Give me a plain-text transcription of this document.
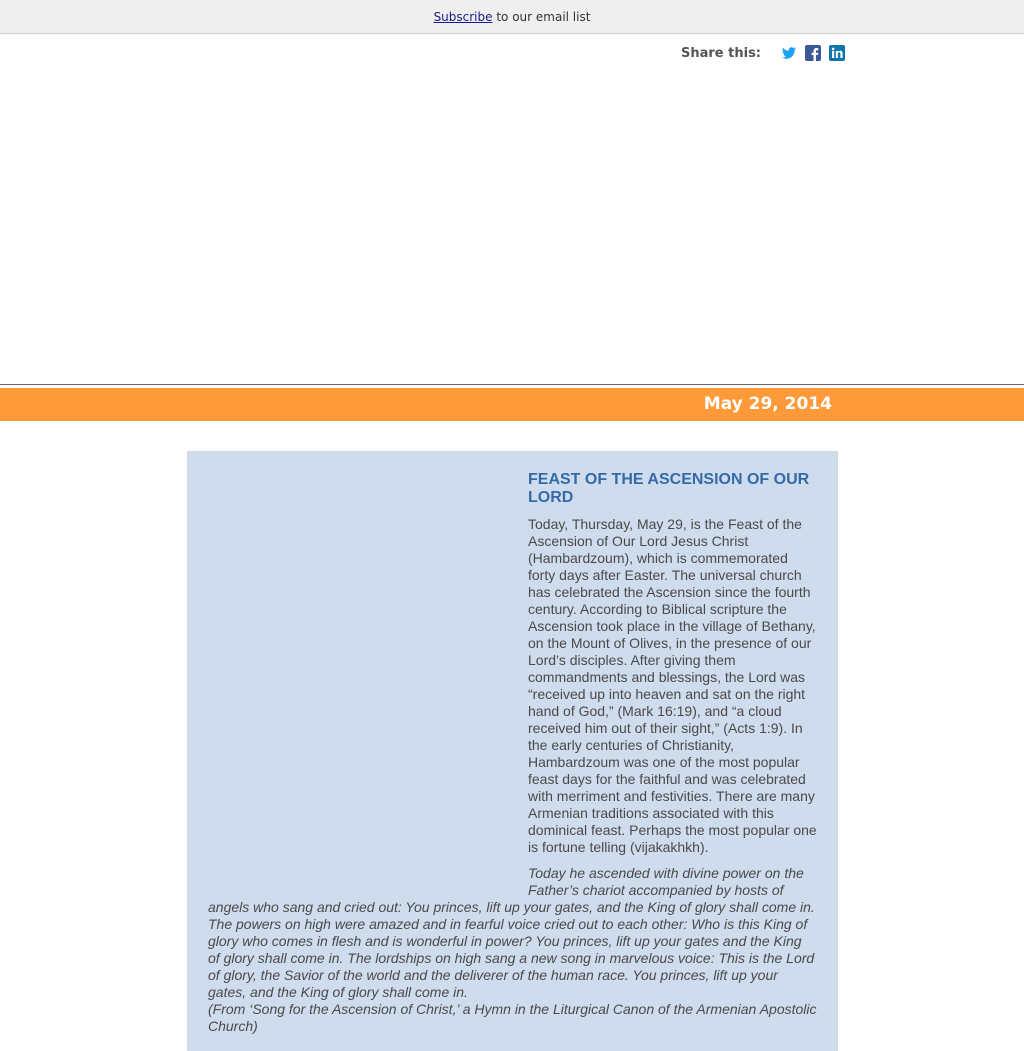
Subscribe to our email list
Share this:
May 29, 2014
FEAST OF THE ASCENSION OF OUR LORD

Today, Thursday, May 29, is the Feast of the Ascension of Our Lord Jesus Christ (Hambardzoum), which is commemorated forty days after Easter. The universal church has celebrated the Ascension since the fourth century. According to Biblical scripture the Ascension took place in the village of Bethany, on the Mount of Olives, in the presence of our Lord’s disciples. After giving them commandments and blessings, the Lord was “received up into heaven and sat on the right hand of God,” (Mark 16:19), and “a cloud received him out of their sight,” (Acts 1:9). In the early centuries of Christianity, Hambardzoum was one of the most popular feast days for the faithful and was celebrated with merriment and festivities. There are many Armenian traditions associated with this dominical feast. Perhaps the most popular one is fortune telling (vijakakhkh).

Today he ascended with divine power on the Father’s chariot accompanied by hosts of angels who sang and cried out: You princes, lift up your gates, and the King of glory shall come in. The powers on high were amazed and in fearful voice cried out to each other: Who is this King of glory who comes in flesh and is wonderful in power? You princes, lift up your gates and the King of glory shall come in. The lordships on high sang a new song in marvelous voice: This is the Lord of glory, the Savior of the world and the deliverer of the human race. You princes, lift up your gates, and the King of glory shall come in.

(From ‘Song for the Ascension of Christ,’ a Hymn in the Liturgical Canon of the Armenian Apostolic Church)
